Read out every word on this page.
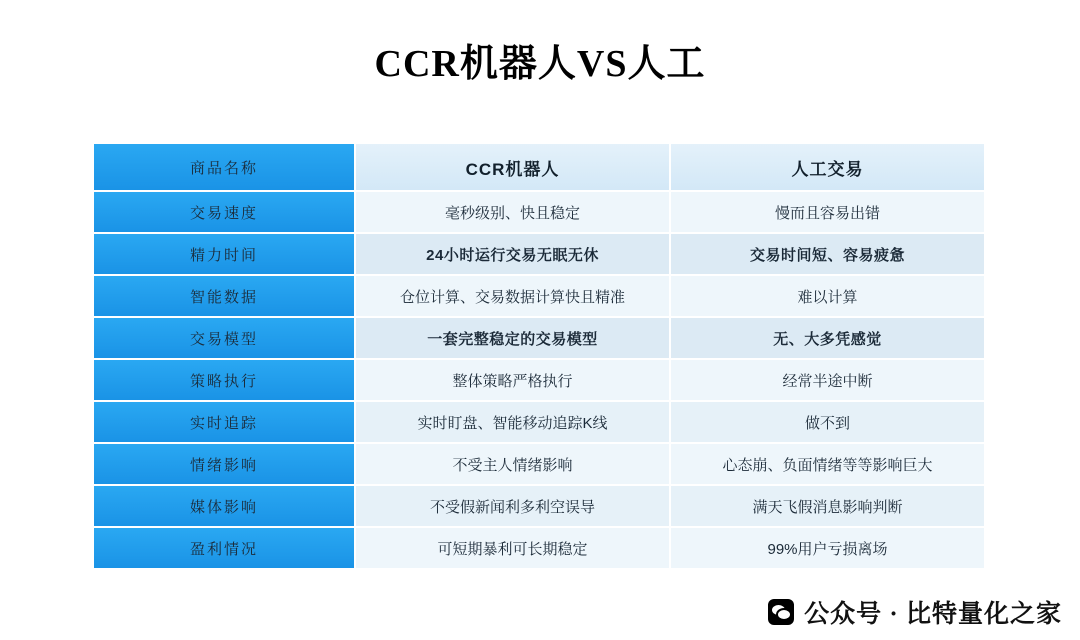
CCR机器人VS人工
商品名称	CCR机器人	人工交易
交易速度	毫秒级别、快且稳定	慢而且容易出错
精力时间	24小时运行交易无眠无休	交易时间短、容易疲惫
智能数据	仓位计算、交易数据计算快且精准	难以计算
交易模型	一套完整稳定的交易模型	无、大多凭感觉
策略执行	整体策略严格执行	经常半途中断
实时追踪	实时盯盘、智能移动追踪K线	做不到
情绪影响	不受主人情绪影响	心态崩、负面情绪等等影响巨大
媒体影响	不受假新闻利多利空误导	满天飞假消息影响判断
盈利情况	可短期暴利可长期稳定	99%用户亏损离场
公众号 · 比特量化之家
